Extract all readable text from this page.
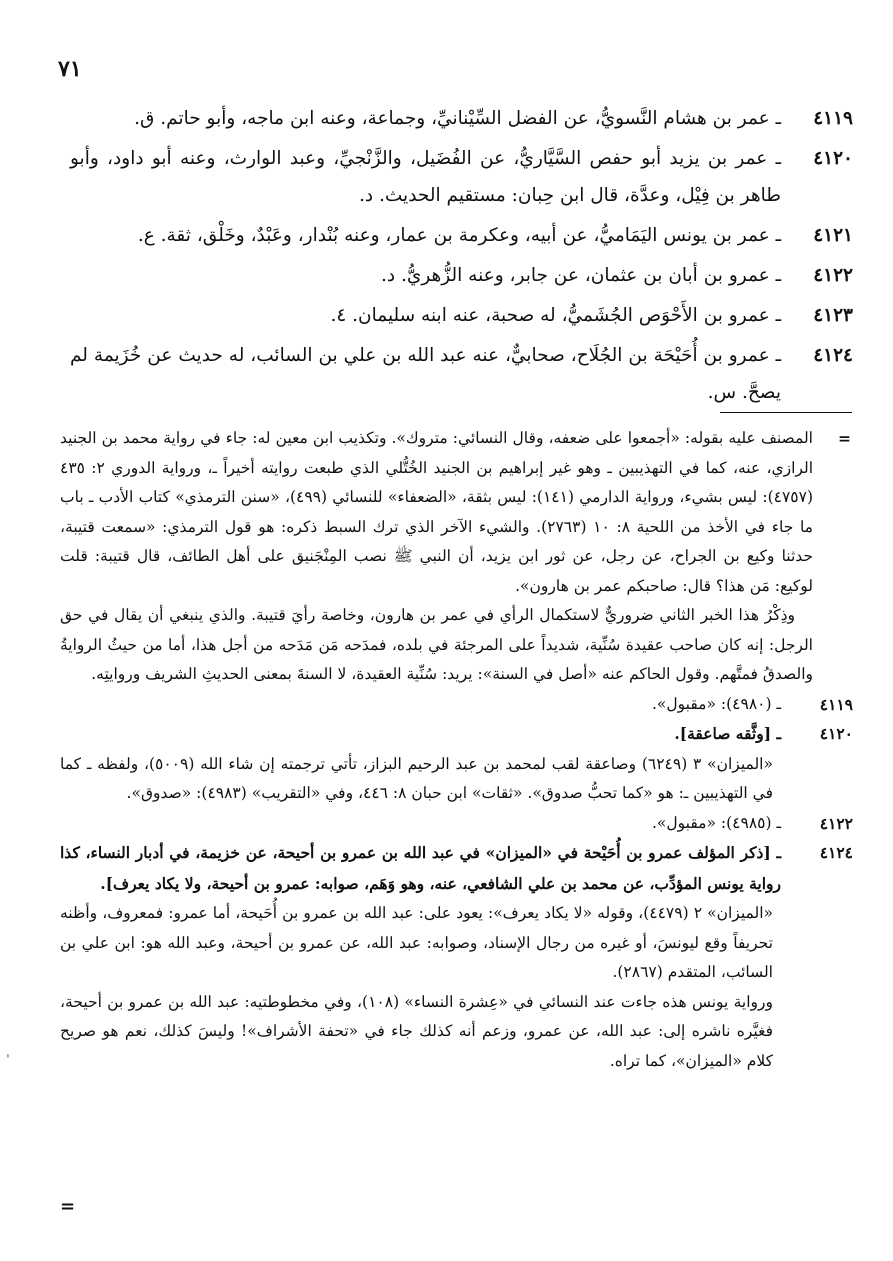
٧١

٤١١٩
ـ عمر بن هشام النَّسويُّ، عن الفضل السِّيْنانيِّ، وجماعة، وعنه ابن ماجه، وأبو حاتم. ق.

٤١٢٠
ـ عمر بن يزيد أبو حفص السَّيَّاريُّ، عن الفُضَيل، والزَّنْجيِّ، وعبد الوارث، وعنه أبو داود، وأبو طاهر بن فِيْل، وعدَّة، قال ابن حِبان: مستقيم الحديث. د.

٤١٢١
ـ عمر بن يونس اليَمَاميُّ، عن أبيه، وعكرمة بن عمار، وعنه بُنْدار، وعَبْدٌ، وخَلْق، ثقة. ع.

٤١٢٢
ـ عمرو بن أبان بن عثمان، عن جابر، وعنه الزُّهريُّ. د.

٤١٢٣
ـ عمرو بن الأَحْوَص الجُشَميُّ، له صحبة، عنه ابنه سليمان. ٤.

٤١٢٤
ـ عمرو بن أُحَيْحَة بن الجُلَاح، صحابيٌّ، عنه عبد الله بن علي بن السائب، له حديث عن خُزَيمة لم يصحَّ. س.

=
المصنف عليه بقوله: «أجمعوا على ضعفه، وقال النسائي: متروك». وتكذيب ابن معين له: جاء في رواية محمد بن الجنيد الرازي، عنه، كما في التهذيبين ـ وهو غير إبراهيم بن الجنيد الخُتُّلي الذي طبعت روايته أخيراً ـ، ورواية الدوري ٢: ٤٣٥ (٤٧٥٧): ليس بشيء، ورواية الدارمي (١٤١): ليس بثقة، «الضعفاء» للنسائي (٤٩٩)، «سنن الترمذي» كتاب الأدب ـ باب ما جاء في الأخذ من اللحية ٨: ١٠ (٢٧٦٣). والشيء الآخر الذي ترك السبط ذكره: هو قول الترمذي: «سمعت قتيبة، حدثنا وكيع بن الجراح، عن رجل، عن ثور ابن يزيد، أن النبي ﷺ نصب المِنْجَنيق على أهل الطائف، قال قتيبة: قلت لوكيع: مَن هذا؟ قال: صاحبكم عمر بن هارون».

وذِكْرُ هذا الخبر الثاني ضروريٌّ لاستكمال الرأي في عمر بن هارون، وخاصة رأيَ قتيبة. والذي ينبغي أن يقال في حق الرجل: إنه كان صاحب عقيدة سُنِّية، شديداً على المرجئة في بلده، فمدَحه مَن مَدَحه من أجل هذا، أما من حيثُ الروايةُ والصدقُ فمتَّهم. وقول الحاكم عنه «أصل في السنة»: يريد: سُنِّية العقيدة، لا السنةَ بمعنى الحديثِ الشريف وروايتِه.

٤١١٩
ـ (٤٩٨٠): «مقبول».

٤١٢٠
ـ [وثَّقه صاعقة].

«الميزان» ٣ (٦٢٤٩) وصاعقة لقب لمحمد بن عبد الرحيم البزاز، تأتي ترجمته إن شاء الله (٥٠٠٩)، ولفظه ـ كما في التهذيبين ـ: هو «كما تحبُّ صدوق». «ثقات» ابن حبان ٨: ٤٤٦، وفي «التقريب» (٤٩٨٣): «صدوق».

٤١٢٢
ـ (٤٩٨٥): «مقبول».

٤١٢٤
ـ [ذكر المؤلف عمرو بن أُحَيْحة في «الميزان» في عبد الله بن عمرو بن أحيحة، عن خزيمة، في أدبار النساء، كذا رواية يونس المؤدِّب، عن محمد بن علي الشافعي، عنه، وهو وَهَم، صوابه: عمرو بن أحيحة، ولا يكاد يعرف].

«الميزان» ٢ (٤٤٧٩)، وقوله «لا يكاد يعرف»: يعود على: عبد الله بن عمرو بن أُحَيحة، أما عمرو: فمعروف، وأظنه تحريفاً وقع ليونسَ، أو غيره من رجال الإسناد، وصوابه: عبد الله، عن عمرو بن أحيحة، وعبد الله هو: ابن علي بن السائب، المتقدم (٢٨٦٧).

ورواية يونس هذه جاءت عند النسائي في «عِشرة النساء» (١٠٨)، وفي مخطوطتيه: عبد الله بن عمرو بن أحيحة، فغيَّره ناشره إلى: عبد الله، عن عمرو، وزعم أنه كذلك جاء في «تحفة الأشراف»! وليسَ كذلك، نعم هو صريح كلام «الميزان»، كما تراه.

=
ˌ
